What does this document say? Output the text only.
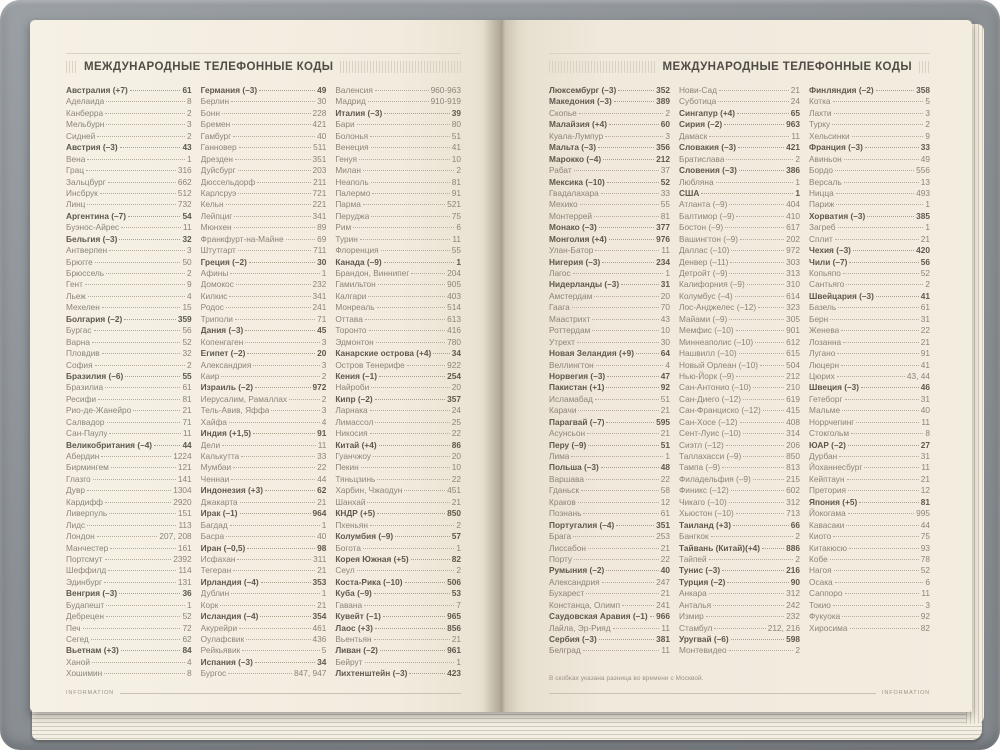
МЕЖДУНАРОДНЫЕ ТЕЛЕФОННЫЕ КОДЫ
Австралия (+7)	61
Аделаида	8
Канберра	2
Мельбурн	3
Сидней	2
Австрия (–3)	43
Вена	1
Грац	316
Зальцбург	662
Инсбрук	512
Линц	732
Аргентина (–7)	54
Буэнос-Айрес	11
Бельгия (–3)	32
Антверпен	3
Брюгге	50
Брюссель	2
Гент	9
Льеж	4
Мехелен	15
Болгария (–2)	359
Бургас	56
Варна	52
Пловдив	32
София	2
Бразилия (–6)	55
Бразилиа	61
Ресифи	81
Рио-де-Жанейро	21
Салвадор	71
Сан-Паулу	11
Великобритания (–4)	44
Абердин	1224
Бирмингем	121
Глазго	141
Дувр	1304
Кардифф	2920
Ливерпуль	151
Лидс	113
Лондон	207, 208
Манчестер	161
Портсмут	2392
Шеффилд	114
Эдинбург	131
Венгрия (–3)	36
Будапешт	1
Дебрецен	52
Печ	72
Сегед	62
Вьетнам (+3)	84
Ханой	4
Хошимин	8
Германия (–3)	49
Берлин	30
Бонн	228
Бремен	421
Гамбург	40
Ганновер	511
Дрезден	351
Дуйсбург	203
Дюссельдорф	211
Карлсруэ	721
Кельн	221
Лейпциг	341
Мюнхен	89
Франкфурт-на-Майне	69
Штутгарт	711
Греция (–2)	30
Афины	1
Домокос	232
Килкис	341
Родос	241
Триполи	71
Дания (–3)	45
Копенгаген	3
Египет (–2)	20
Александрия	3
Каир	2
Израиль (–2)	972
Иерусалим, Рамаллах	2
Тель-Авив, Яффа	3
Хайфа	4
Индия (+1,5)	91
Дели	11
Калькутта	33
Мумбаи	22
Ченнаи	44
Индонезия (+3)	62
Джакарта	21
Ирак (–1)	964
Багдад	1
Басра	40
Иран (–0,5)	98
Исфахан	311
Тегеран	21
Ирландия (–4)	353
Дублин	1
Корк	21
Исландия (–4)	354
Акурейри	461
Оулафсвик	436
Рейкьявик	5
Испания (–3)	34
Бургос	847, 947
Валенсия	960-963
Мадрид	910-919
Италия (–3)	39
Бари	80
Болонья	51
Венеция	41
Генуя	10
Милан	2
Неаполь	81
Палермо	91
Парма	521
Перуджа	75
Рим	6
Турин	11
Флоренция	55
Канада (–9)	1
Брандон, Виннипег	204
Гамильтон	905
Калгари	403
Монреаль	514
Оттава	613
Торонто	416
Эдмонтон	780
Канарские острова (+4) 34
Остров Тенерифе	922
Кения (–1)	254
Найроби	20
Кипр (–2)	357
Ларнака	24
Лимассол	25
Никосия	22
Китай (+4)	86
Гуанчжоу	20
Пекин	10
Тяньцзинь	22
Харбин, Чжаодун	451
Шанхай	21
КНДР (+5)	850
Пхеньян	2
Колумбия (–9)	57
Богота	1
Корея Южная (+5)	82
Сеул	2
Коста-Рика (–10)	506
Куба (–9)	53
Гавана	7
Кувейт (–1)	965
Лаос (+3)	856
Вьентьян	21
Ливан (–2)	961
Бейрут	1
Лихтенштейн (–3)	423
INFORMATION
МЕЖДУНАРОДНЫЕ ТЕЛЕФОННЫЕ КОДЫ
Люксембург (–3)	352
Македония (–3)	389
Скопье	2
Малайзия (+4)	60
Куала-Лумпур	3
Мальта (–3)	356
Марокко (–4)	212
Рабат	37
Мексика (–10)	52
Гвадалахара	33
Мехико	55
Монтеррей	81
Монако (–3)	377
Монголия (+4)	976
Улан-Батор	11
Нигерия (–3)	234
Лагос	1
Нидерланды (–3)	31
Амстердам	20
Гаага	70
Маастрихт	43
Роттердам	10
Утрехт	30
Новая Зеландия (+9)	64
Веллингтон	4
Норвегия (–3)	47
Пакистан (+1)	92
Исламабад	51
Карачи	21
Парагвай (–7)	595
Асунсьон	21
Перу (–9)	51
Лима	1
Польша (–3)	48
Варшава	22
Гданьск	58
Краков	12
Познань	61
Португалия (–4)	351
Брага	253
Лиссабон	21
Порту	22
Румыния (–2)	40
Александрия	247
Бухарест	21
Констанца, Олимп	241
Саудовская Аравия (–1) 966
Лайла, Эр-Рияд	11
Сербия (–3)	381
Белград	11
Нови-Сад	21
Суботица	24
Сингапур (+4)	65
Сирия (–2)	963
Дамаск	11
Словакия (–3)	421
Братислава	2
Словения (–3)	386
Любляна	1
США	1
Атланта (–9)	404
Балтимор (–9)	410
Бостон (–9)	617
Вашингтон (–9)	202
Даллас (–10)	972
Денвер (–11)	303
Детройт (–9)	313
Калифорния (–9)	310
Колумбус (–4)	614
Лос-Анджелес (–12)	323
Майами (–9)	305
Мемфис (–10)	901
Миннеаполис (–10)	612
Нашвилл (–10)	615
Новый Орлеан (–10)	504
Нью-Йорк (–9)	212
Сан-Антонио (–10)	210
Сан-Диего (–12)	619
Сан-Франциско (–12)	415
Сан-Хосе (–12)	408
Сент-Луис (–10)	314
Сиэтл (–12)	206
Таллахасси (–9)	850
Тампа (–9)	813
Филадельфия (–9)	215
Финикс (–12)	602
Чикаго (–10)	312
Хьюстон (–10)	713
Таиланд (+3)	66
Бангкок	2
Тайвань (Китай)(+4)	886
Тайпей	2
Тунис (–3)	216
Турция (–2)	90
Анкара	312
Анталья	242
Измир	232
Стамбул	212, 216
Уругвай (–6)	598
Монтевидео	2
Финляндия (–2)	358
Котка	5
Лахти	3
Турку	2
Хельсинки	9
Франция (–3)	33
Авиньон	49
Бордо	556
Версаль	13
Ницца	493
Париж	1
Хорватия (–3)	385
Загреб	1
Сплит	21
Чехия (–3)	420
Чили (–7)	56
Копьяпо	52
Сантьяго	2
Швейцария (–3)	41
Базель	61
Берн	31
Женева	22
Лозанна	21
Лугано	91
Люцерн	41
Цюрих	43, 44
Швеция (–3)	46
Гетеборг	31
Мальме	40
Норрчепинг	11
Стокгольм	8
ЮАР (–2)	27
Дурбан	31
Йоханнесбург	11
Кейптаун	21
Претория	12
Япония (+5)	81
Йокогама	995
Кавасаки	44
Киото	75
Китакюсю	93
Кобе	78
Нагоя	52
Осака	6
Саппоро	11
Токио	3
Фукуока	92
Хиросима	82
В скобках указана разница во времени с Москвой.
INFORMATION
